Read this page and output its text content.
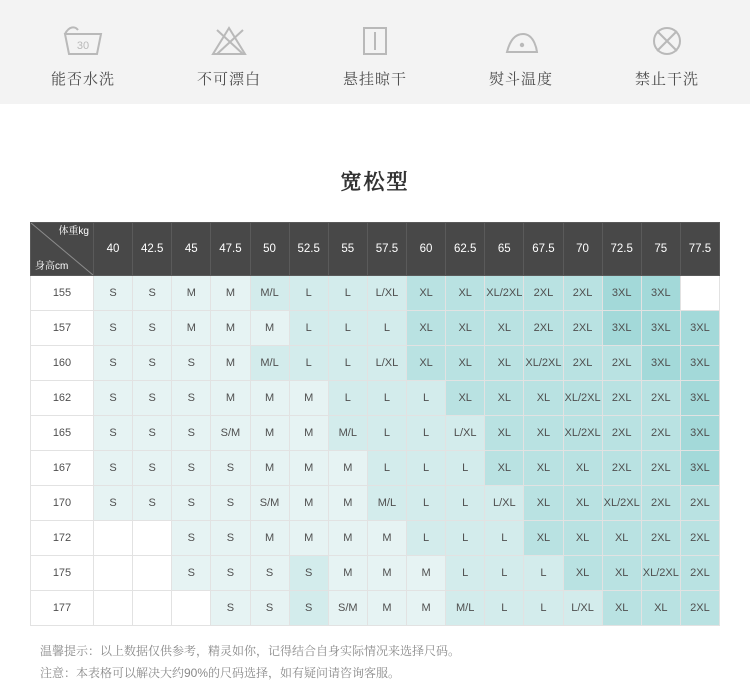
30
能否水洗	不可漂白	悬挂晾干	熨斗温度	禁止干洗
宽松型
体重kg
身高cm	40	42.5	45	47.5	50	52.5	55	57.5	60	62.5	65	67.5	70	72.5	75	77.5
155	S	S	M	M	M/L	L	L	L/XL	XL	XL	XL/2XL	2XL	2XL	3XL	3XL	
157	S	S	M	M	M	L	L	L	XL	XL	XL	2XL	2XL	3XL	3XL	3XL
160	S	S	S	M	M/L	L	L	L/XL	XL	XL	XL	XL/2XL	2XL	2XL	3XL	3XL
162	S	S	S	M	M	M	L	L	L	XL	XL	XL	XL/2XL	2XL	2XL	3XL
165	S	S	S	S/M	M	M	M/L	L	L	L/XL	XL	XL	XL/2XL	2XL	2XL	3XL
167	S	S	S	S	M	M	M	L	L	L	XL	XL	XL	2XL	2XL	3XL
170	S	S	S	S	S/M	M	M	M/L	L	L	L/XL	XL	XL	XL/2XL	2XL	2XL
172			S	S	M	M	M	M	L	L	L	XL	XL	XL	2XL	2XL
175			S	S	S	S	M	M	M	L	L	L	XL	XL	XL/2XL	2XL
177				S	S	S	S/M	M	M	M/L	L	L	L/XL	XL	XL	2XL
温馨提示：以上数据仅供参考，精灵如你，记得结合自身实际情况来选择尺码。
注意：本表格可以解决大约90%的尺码选择，如有疑问请咨询客服。
